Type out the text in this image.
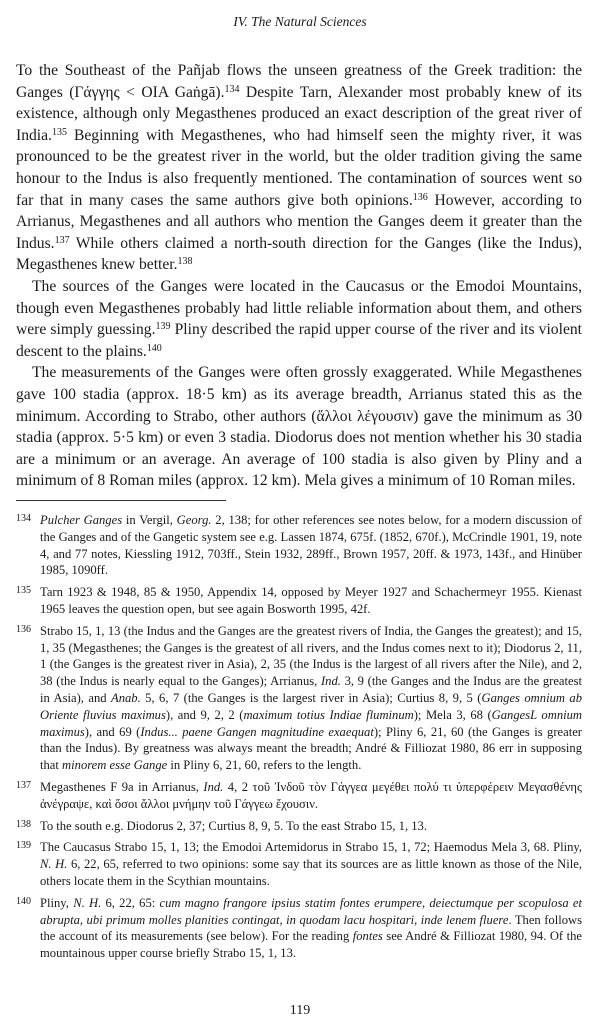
IV. The Natural Sciences

To the Southeast of the Pañjab flows the unseen greatness of the Greek tradition: the Ganges (Γάγγης < OIA Gaṅgā).$^{134}$ Despite Tarn, Alexander most probably knew of its existence, although only Megasthenes produced an exact description of the great river of India.$^{135}$ Beginning with Megasthenes, who had himself seen the mighty river, it was pronounced to be the greatest river in the world, but the older tradition giving the same honour to the Indus is also frequently mentioned. The contamination of sources went so far that in many cases the same authors give both opinions.$^{136}$ However, according to Arrianus, Megasthenes and all authors who mention the Ganges deem it greater than the Indus.$^{137}$ While others claimed a north-south direction for the Ganges (like the Indus), Megasthenes knew better.$^{138}$

The sources of the Ganges were located in the Caucasus or the Emodoi Mountains, though even Megasthenes probably had little reliable information about them, and others were simply guessing.$^{139}$ Pliny described the rapid upper course of the river and its violent descent to the plains.$^{140}$

The measurements of the Ganges were often grossly exaggerated. While Megasthenes gave 100 stadia (approx. 18·5 km) as its average breadth, Arrianus stated this as the minimum. According to Strabo, other authors (ἄλλοι λέγουσιν) gave the minimum as 30 stadia (approx. 5·5 km) or even 3 stadia. Diodorus does not mention whether his 30 stadia are a minimum or an average. An average of 100 stadia is also given by Pliny and a minimum of 8 Roman miles (approx. 12 km). Mela gives a minimum of 10 Roman miles.

134 Pulcher Ganges in Vergil, Georg. 2, 138; for other references see notes below, for a modern discussion of the Ganges and of the Gangetic system see e.g. Lassen 1874, 675f. (1852, 670f.), McCrindle 1901, 19, note 4, and 77 notes, Kiessling 1912, 703ff., Stein 1932, 289ff., Brown 1957, 20ff. & 1973, 143f., and Hinüber 1985, 1090ff.
135 Tarn 1923 & 1948, 85 & 1950, Appendix 14, opposed by Meyer 1927 and Schachermeyr 1955. Kienast 1965 leaves the question open, but see again Bosworth 1995, 42f.
136 Strabo 15, 1, 13 (the Indus and the Ganges are the greatest rivers of India, the Ganges the greatest); and 15, 1, 35 (Megasthenes; the Ganges is the greatest of all rivers, and the Indus comes next to it); Diodorus 2, 11, 1 (the Ganges is the greatest river in Asia), 2, 35 (the Indus is the largest of all rivers after the Nile), and 2, 38 (the Indus is nearly equal to the Ganges); Arrianus, Ind. 3, 9 (the Ganges and the Indus are the greatest in Asia), and Anab. 5, 6, 7 (the Ganges is the largest river in Asia); Curtius 8, 9, 5 (Ganges omnium ab Oriente fluvius maximus), and 9, 2, 2 (maximum totius Indiae fluminum); Mela 3, 68 (GangesL omnium maximus), and 69 (Indus... paene Gangen magnitudine exaequat); Pliny 6, 21, 60 (the Ganges is greater than the Indus). By greatness was always meant the breadth; André & Filliozat 1980, 86 err in supposing that minorem esse Gange in Pliny 6, 21, 60, refers to the length.
137 Megasthenes F 9a in Arrianus, Ind. 4, 2 τοῦ Ἰνδοῦ τὸν Γάγγεα μεγέθει πολύ τι ὑπερφέρειν Μεγασθένης ἀνέγραψε, καὶ ὅσοι ἄλλοι μνήμην τοῦ Γάγγεω ἔχουσιν.
138 To the south e.g. Diodorus 2, 37; Curtius 8, 9, 5. To the east Strabo 15, 1, 13.
139 The Caucasus Strabo 15, 1, 13; the Emodoi Artemidorus in Strabo 15, 1, 72; Haemodus Mela 3, 68. Pliny, N. H. 6, 22, 65, referred to two opinions: some say that its sources are as little known as those of the Nile, others locate them in the Scythian mountains.
140 Pliny, N. H. 6, 22, 65: cum magno frangore ipsius statim fontes erumpere, deiectumque per scopulosa et abrupta, ubi primum molles planities contingat, in quodam lacu hospitari, inde lenem fluere. Then follows the account of its measurements (see below). For the reading fontes see André & Filliozat 1980, 94. Of the mountainous upper course briefly Strabo 15, 1, 13.
119
